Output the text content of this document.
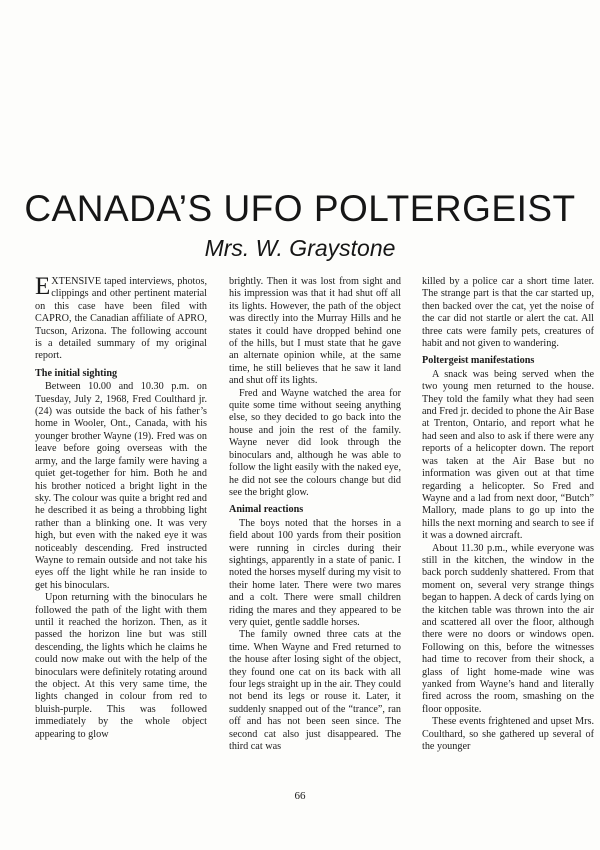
CANADA’S UFO POLTERGEIST
Mrs. W. Graystone

EXTENSIVE taped interviews, photos, clippings and other pertinent material on this case have been filed with CAPRO, the Canadian affiliate of APRO, Tucson, Arizona. The following account is a detailed summary of my original report.

The initial sighting

Between 10.00 and 10.30 p.m. on Tuesday, July 2, 1968, Fred Coulthard jr. (24) was outside the back of his father’s home in Wooler, Ont., Canada, with his younger brother Wayne (19). Fred was on leave before going overseas with the army, and the large family were having a quiet get-together for him. Both he and his brother noticed a bright light in the sky. The colour was quite a bright red and he described it as being a throbbing light rather than a blinking one. It was very high, but even with the naked eye it was noticeably descending. Fred instructed Wayne to remain outside and not take his eyes off the light while he ran inside to get his binoculars.

Upon returning with the binoculars he followed the path of the light with them until it reached the horizon. Then, as it passed the horizon line but was still descending, the lights which he claims he could now make out with the help of the binoculars were definitely rotating around the object. At this very same time, the lights changed in colour from red to bluish-purple. This was followed immediately by the whole object appearing to glow

brightly. Then it was lost from sight and his impression was that it had shut off all its lights. However, the path of the object was directly into the Murray Hills and he states it could have dropped behind one of the hills, but I must state that he gave an alternate opinion while, at the same time, he still believes that he saw it land and shut off its lights.

Fred and Wayne watched the area for quite some time without seeing anything else, so they decided to go back into the house and join the rest of the family. Wayne never did look through the binoculars and, although he was able to follow the light easily with the naked eye, he did not see the colours change but did see the bright glow.

Animal reactions

The boys noted that the horses in a field about 100 yards from their position were running in circles during their sightings, apparently in a state of panic. I noted the horses myself during my visit to their home later. There were two mares and a colt. There were small children riding the mares and they appeared to be very quiet, gentle saddle horses.

The family owned three cats at the time. When Wayne and Fred returned to the house after losing sight of the object, they found one cat on its back with all four legs straight up in the air. They could not bend its legs or rouse it. Later, it suddenly snapped out of the “trance”, ran off and has not been seen since. The second cat also just disappeared. The third cat was

killed by a police car a short time later. The strange part is that the car started up, then backed over the cat, yet the noise of the car did not startle or alert the cat. All three cats were family pets, creatures of habit and not given to wandering.

Poltergeist manifestations

A snack was being served when the two young men returned to the house. They told the family what they had seen and Fred jr. decided to phone the Air Base at Trenton, Ontario, and report what he had seen and also to ask if there were any reports of a helicopter down. The report was taken at the Air Base but no information was given out at that time regarding a helicopter. So Fred and Wayne and a lad from next door, “Butch” Mallory, made plans to go up into the hills the next morning and search to see if it was a downed aircraft.

About 11.30 p.m., while everyone was still in the kitchen, the window in the back porch suddenly shattered. From that moment on, several very strange things began to happen. A deck of cards lying on the kitchen table was thrown into the air and scattered all over the floor, although there were no doors or windows open. Following on this, before the witnesses had time to recover from their shock, a glass of light home-made wine was yanked from Wayne’s hand and literally fired across the room, smashing on the floor opposite.

These events frightened and upset Mrs. Coulthard, so she gathered up several of the younger

66
